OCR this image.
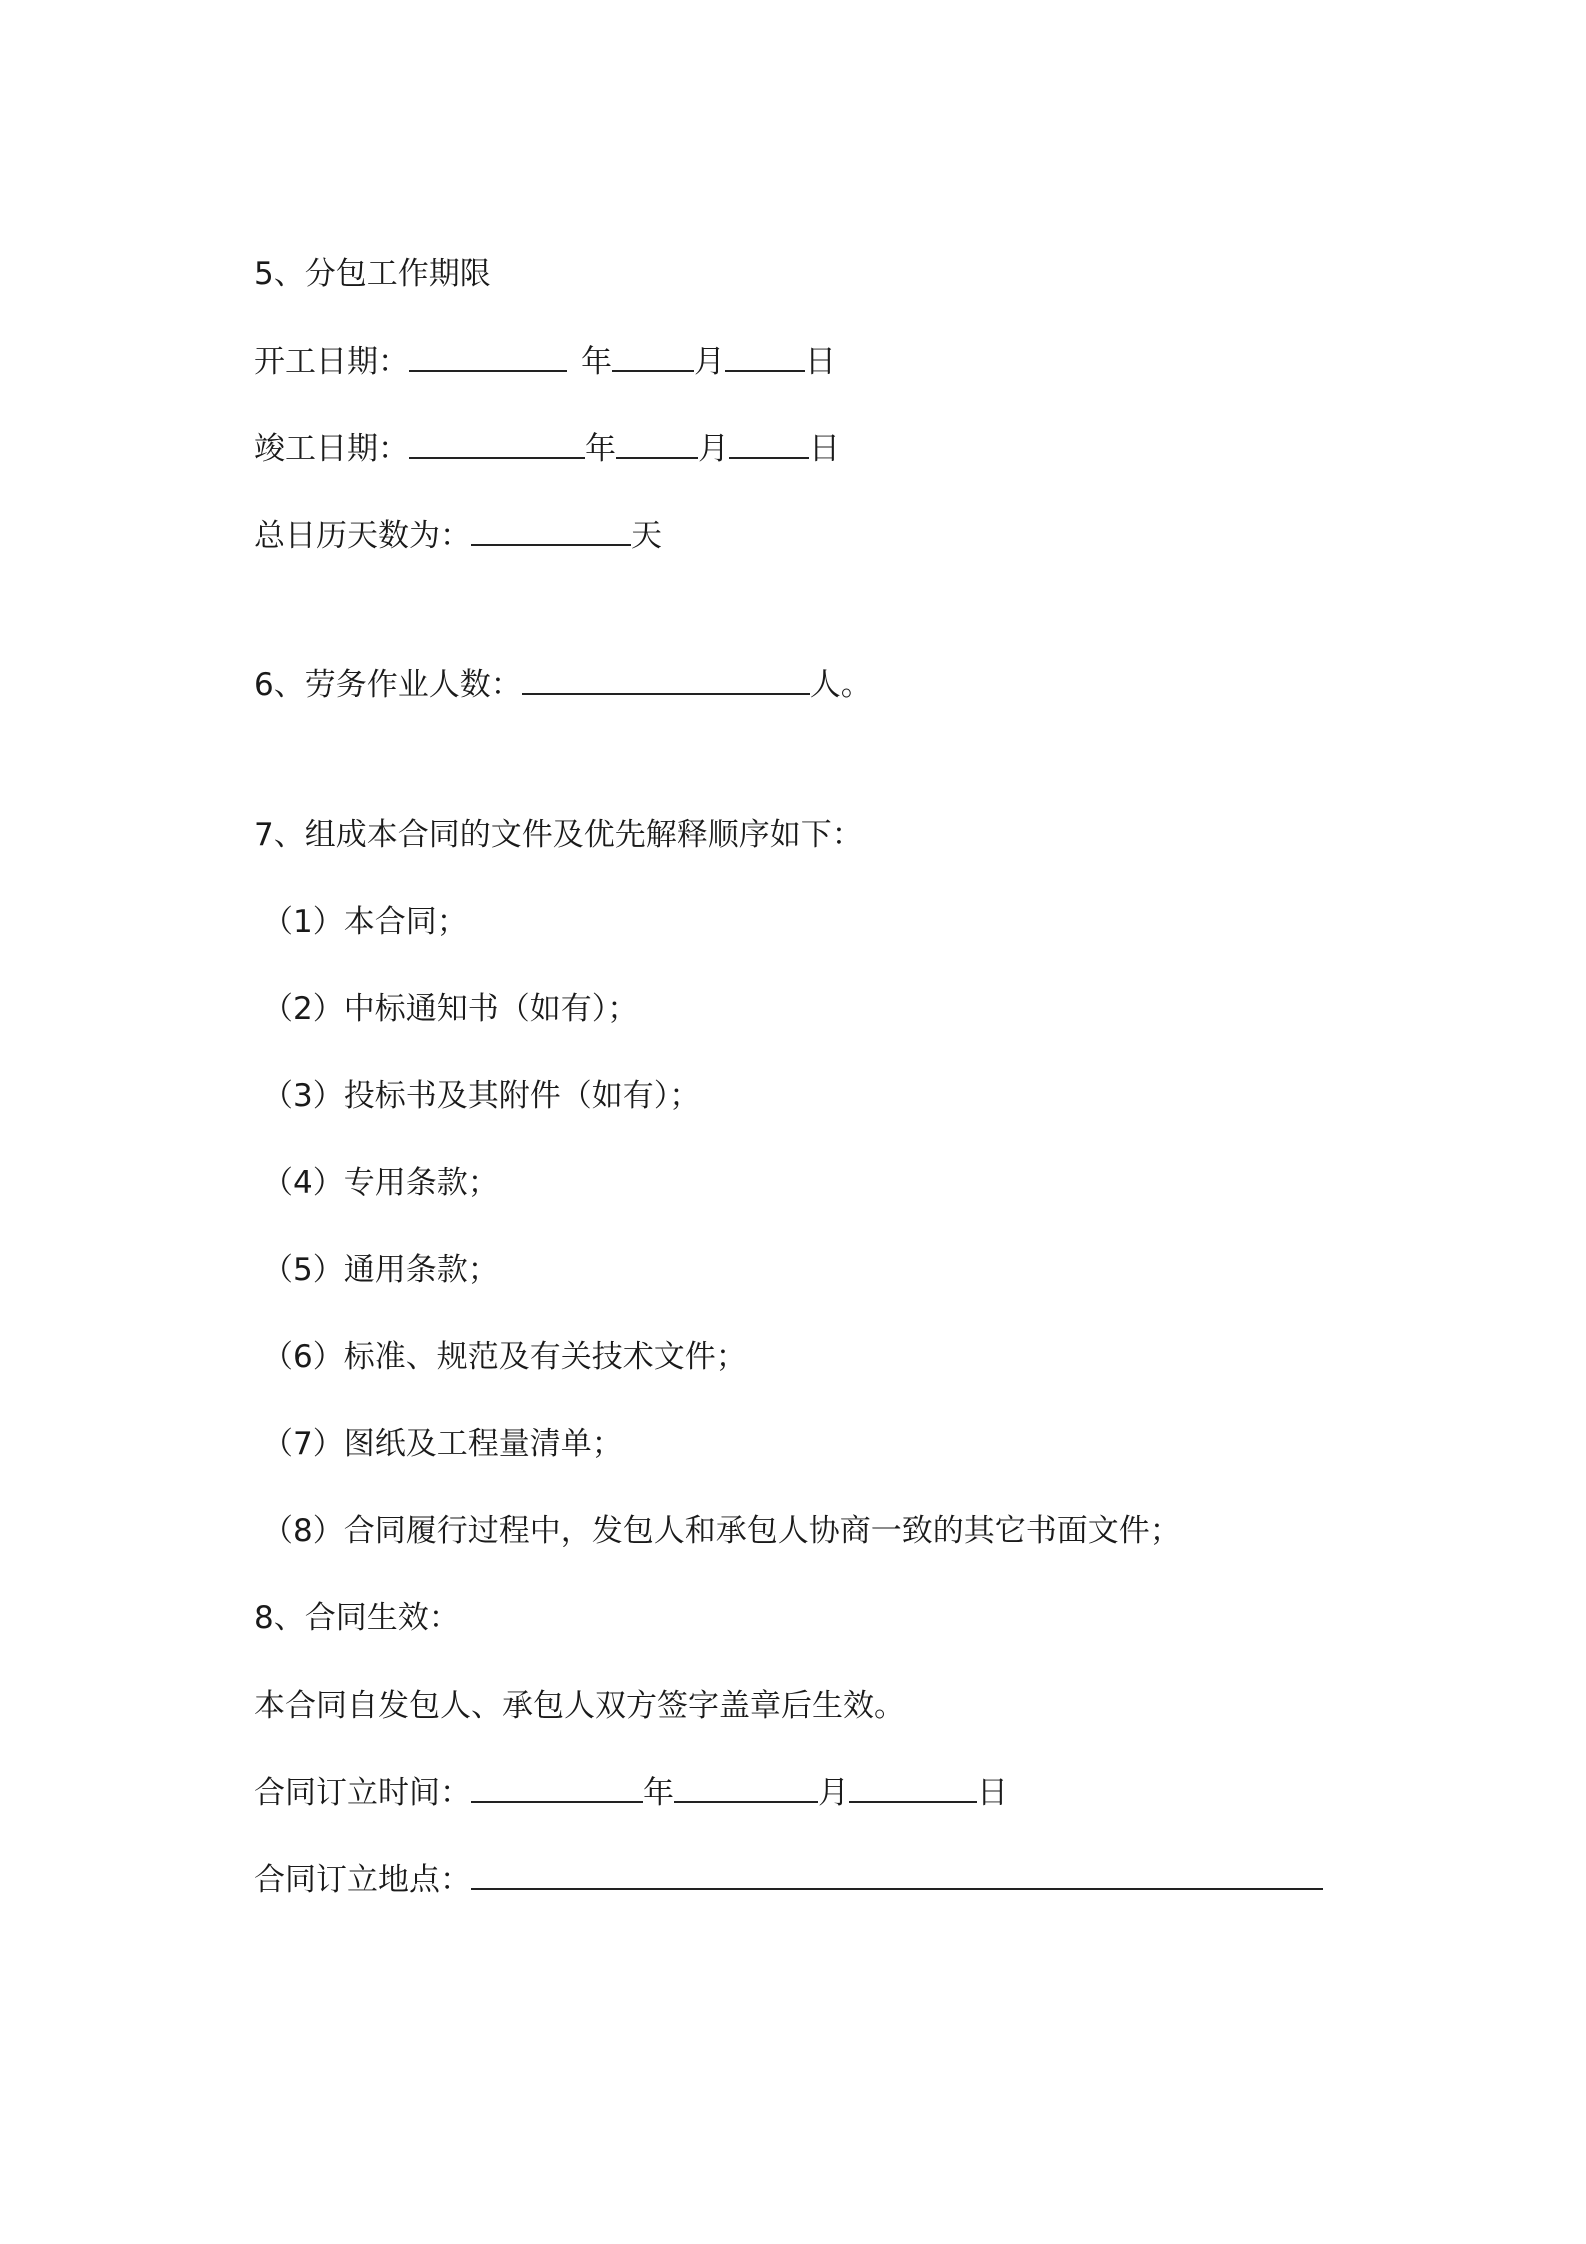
5、分包工作期限
开工日期：	年	月	日
竣工日期：	年	月	日
总日历天数为：	天
6、劳务作业人数：	人。
7、组成本合同的文件及优先解释顺序如下：
（1）本合同；
（2）中标通知书（如有）；
（3）投标书及其附件（如有）；
（4）专用条款；
（5）通用条款；
（6）标准、规范及有关技术文件；
（7）图纸及工程量清单；
（8）合同履行过程中，发包人和承包人协商一致的其它书面文件；
8、合同生效：
本合同自发包人、承包人双方签字盖章后生效。
合同订立时间：	年	月	日
合同订立地点：
